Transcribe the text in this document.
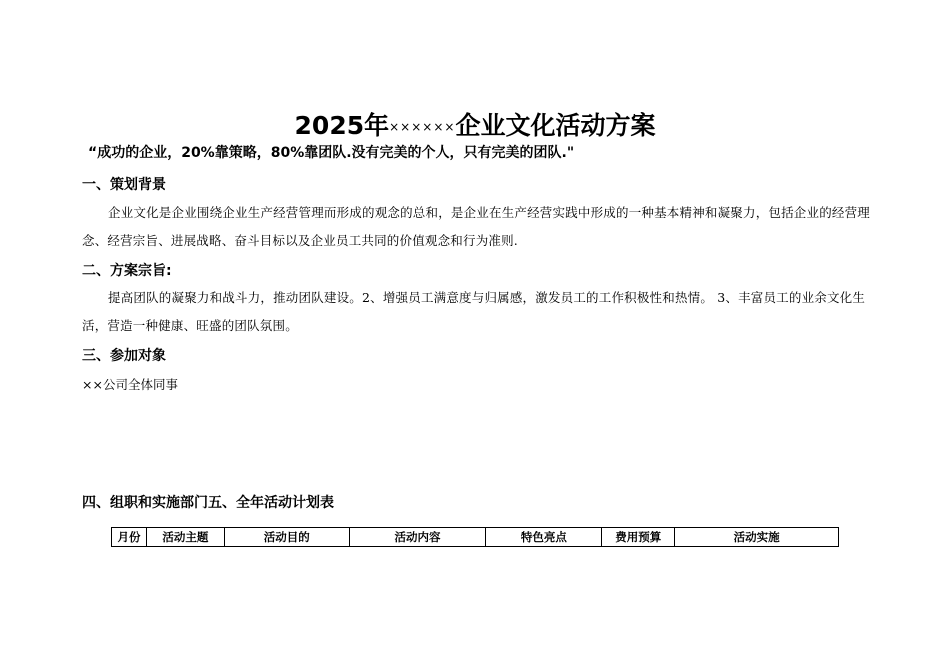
2025年××××××企业文化活动方案
“成功的企业，20%靠策略，80%靠团队.没有完美的个人，只有完美的团队."
一、策划背景
企业文化是企业围绕企业生产经营管理而形成的观念的总和，是企业在生产经营实践中形成的一种基本精神和凝聚力，包括企业的经营理念、经营宗旨、进展战略、奋斗目标以及企业员工共同的价值观念和行为准则.
二、方案宗旨:
提高团队的凝聚力和战斗力，推动团队建设。2、增强员工满意度与归属感，激发员工的工作积极性和热情。 3、丰富员工的业余文化生活，营造一种健康、旺盛的团队氛围。
三、参加对象
××公司全体同事
四、组职和实施部门五、全年活动计划表
月份	活动主题	活动目的	活动内容	特色亮点	费用预算	活动实施
